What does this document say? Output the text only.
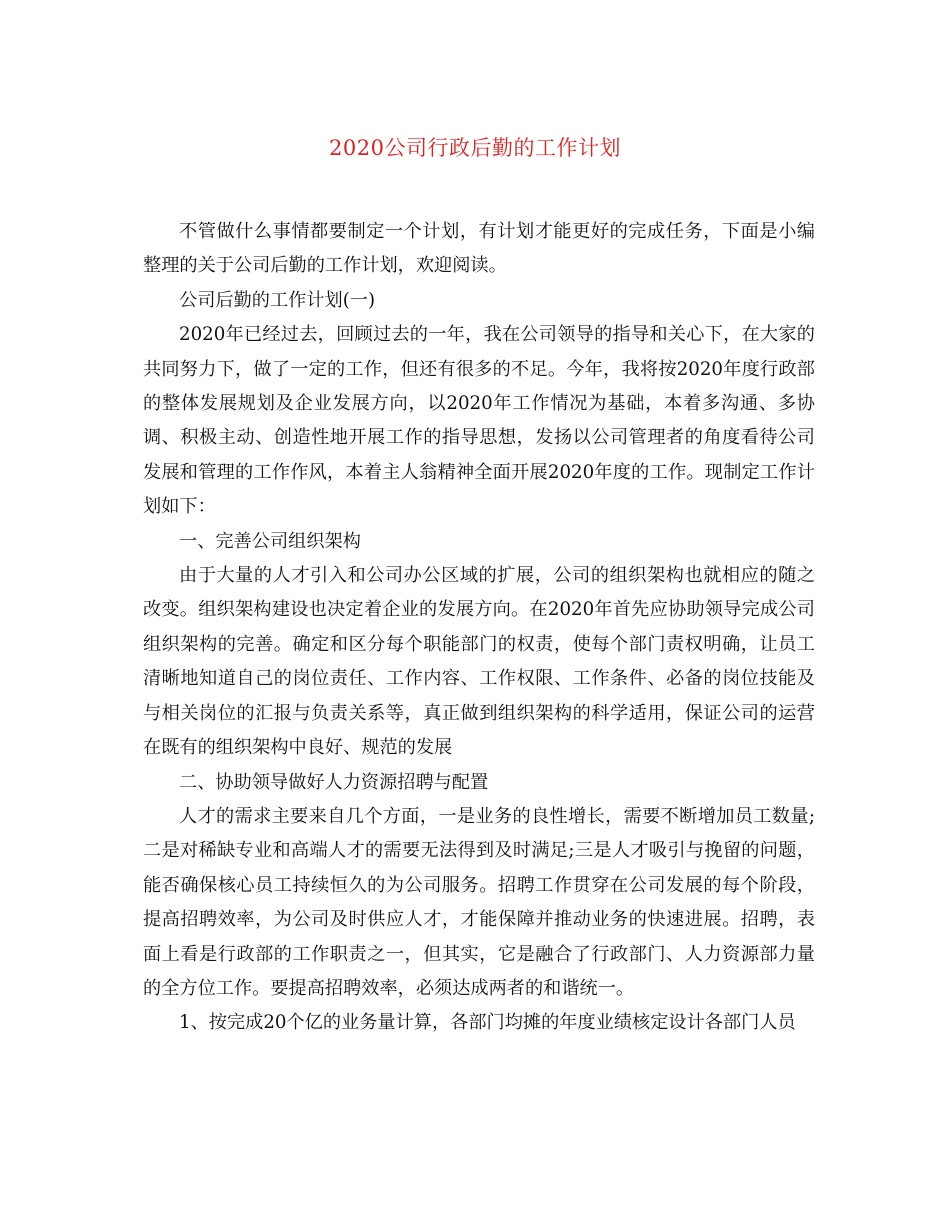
2020公司行政后勤的工作计划

不管做什么事情都要制定一个计划，有计划才能更好的完成任务，下面是小编整理的关于公司后勤的工作计划，欢迎阅读。

公司后勤的工作计划(一)

2020年已经过去，回顾过去的一年，我在公司领导的指导和关心下，在大家的共同努力下，做了一定的工作，但还有很多的不足。今年，我将按2020年度行政部的整体发展规划及企业发展方向，以2020年工作情况为基础，本着多沟通、多协调、积极主动、创造性地开展工作的指导思想，发扬以公司管理者的角度看待公司发展和管理的工作作风，本着主人翁精神全面开展2020年度的工作。现制定工作计划如下：

一、完善公司组织架构

由于大量的人才引入和公司办公区域的扩展，公司的组织架构也就相应的随之改变。组织架构建设也决定着企业的发展方向。在2020年首先应协助领导完成公司组织架构的完善。确定和区分每个职能部门的权责，使每个部门责权明确，让员工清晰地知道自己的岗位责任、工作内容、工作权限、工作条件、必备的岗位技能及与相关岗位的汇报与负责关系等，真正做到组织架构的科学适用，保证公司的运营在既有的组织架构中良好、规范的发展

二、协助领导做好人力资源招聘与配置

人才的需求主要来自几个方面，一是业务的良性增长，需要不断增加员工数量;二是对稀缺专业和高端人才的需要无法得到及时满足;三是人才吸引与挽留的问题，能否确保核心员工持续恒久的为公司服务。招聘工作贯穿在公司发展的每个阶段，提高招聘效率，为公司及时供应人才，才能保障并推动业务的快速进展。招聘，表面上看是行政部的工作职责之一，但其实，它是融合了行政部门、人力资源部力量的全方位工作。要提高招聘效率，必须达成两者的和谐统一。

1、按完成20个亿的业务量计算，各部门均摊的年度业绩核定设计各部门人员
